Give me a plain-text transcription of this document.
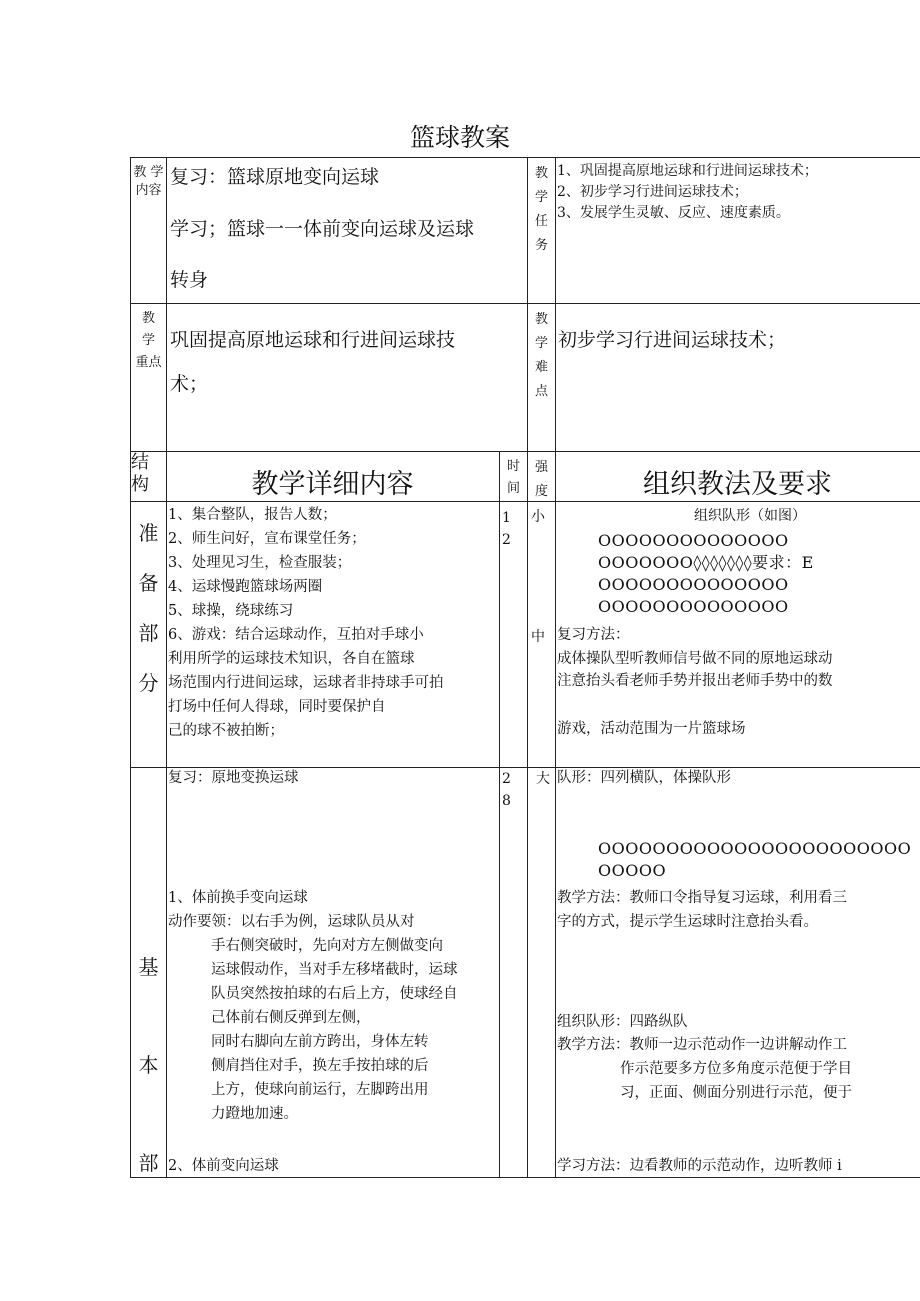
篮球教案
教 学
内容
复习：篮球原地变向运球
学习；篮球一一体前变向运球及运球
转身
教
学
任
务
1、巩固提高原地运球和行进间运球技术；
2、初步学习行进间运球技术；
3、发展学生灵敏、反应、速度素质。
教
学
重点
巩固提高原地运球和行进间运球技
术；
教
学
难
点
初步学习行进间运球技术；
结
构	教学详细内容
时
间
强
度	组织教法及要求
准
备
部
分
1、集合整队，报告人数；
2、师生问好，宣布课堂任务；
3、处理见习生，检查服装；
4、运球慢跑篮球场两圈
5、球操，绕球练习
6、游戏：结合运球动作，互拍对手球小
利用所学的运球技术知识，各自在篮球
场范围内行进间运球，运球者非持球手可拍
打场中任何人得球，同时要保护自
己的球不被拍断；
1
2
小
中
组织队形（如图）
OOOOOOOOOOOOOO
OOOOOOO◊◊◊◊◊◊◊要求：E
OOOOOOOOOOOOOO
OOOOOOOOOOOOOO
复习方法：
成体操队型听教师信号做不同的原地运球动
注意抬头看老师手势并报出老师手势中的数
游戏，活动范围为一片篮球场
基
本
部
复习：原地变换运球
1、体前换手变向运球
动作要领：以右手为例，运球队员从对
手右侧突破时，先向对方左侧做变向
运球假动作，当对手左移堵截时，运球
队员突然按拍球的右后上方，使球经自
己体前右侧反弹到左侧，
同时右脚向左前方跨出，身体左转
侧肩挡住对手，换左手按拍球的后
上方，使球向前运行，左脚跨出用
力蹬地加速。
2、体前变向运球
2
8
大 队形：四列横队，体操队形
OOOOOOOOOOOOOOOOOOOOOOO
OOOOO
教学方法：教师口令指导复习运球，利用看三
字的方式，提示学生运球时注意抬头看。
组织队形：四路纵队
教学方法：教师一边示范动作一边讲解动作工
作示范要多方位多角度示范便于学目
习，正面、侧面分别进行示范，便于
学习方法：边看教师的示范动作，边听教师 i
